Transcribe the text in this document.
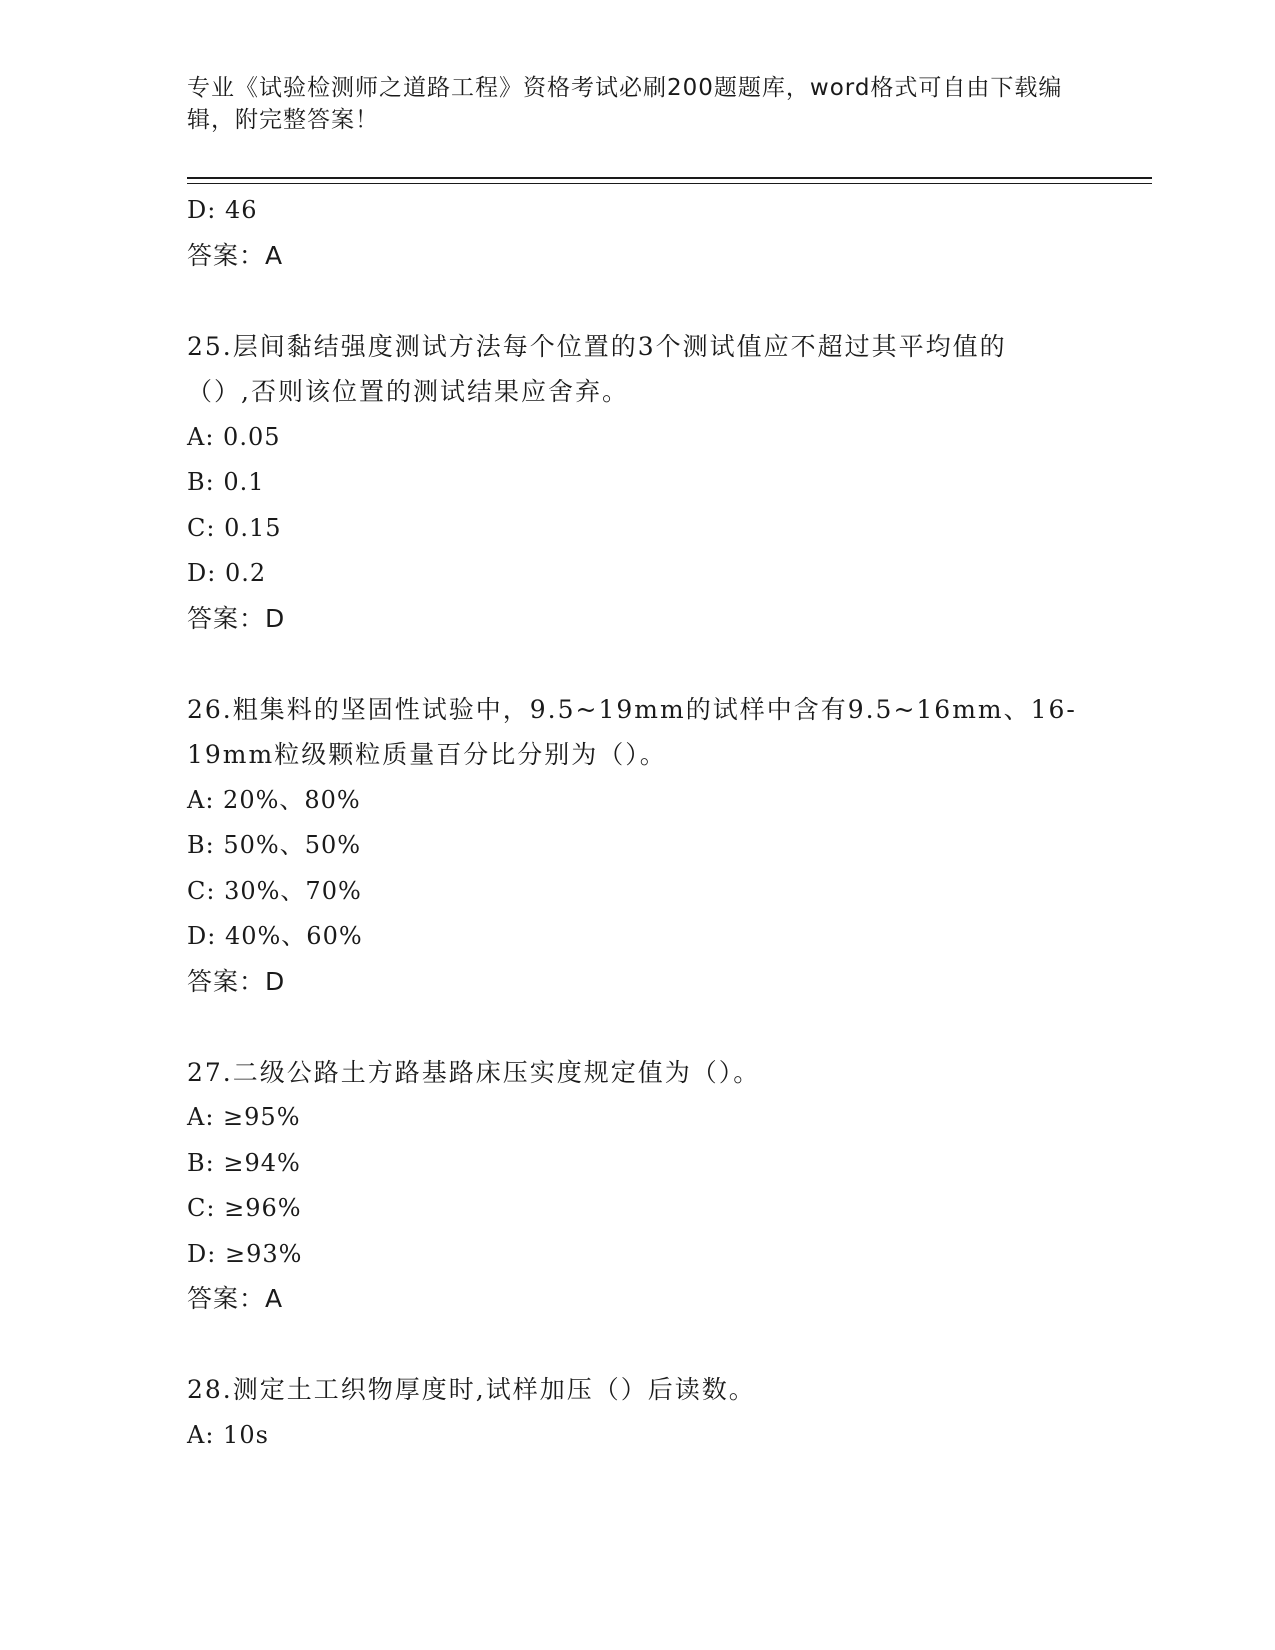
专业《试验检测师之道路工程》资格考试必刷200题题库，word格式可自由下载编辑，附完整答案！
D: 46
答案：A
25.层间黏结强度测试方法每个位置的3个测试值应不超过其平均值的
（）,否则该位置的测试结果应舍弃。
A: 0.05
B: 0.1
C: 0.15
D: 0.2
答案：D
26.粗集料的坚固性试验中，9.5~19mm的试样中含有9.5~16mm、16-
19mm粒级颗粒质量百分比分别为（）。
A: 20%、80%
B: 50%、50%
C: 30%、70%
D: 40%、60%
答案：D
27.二级公路土方路基路床压实度规定值为（）。
A: ≥95%
B: ≥94%
C: ≥96%
D: ≥93%
答案：A
28.测定土工织物厚度时,试样加压（）后读数。
A: 10s
